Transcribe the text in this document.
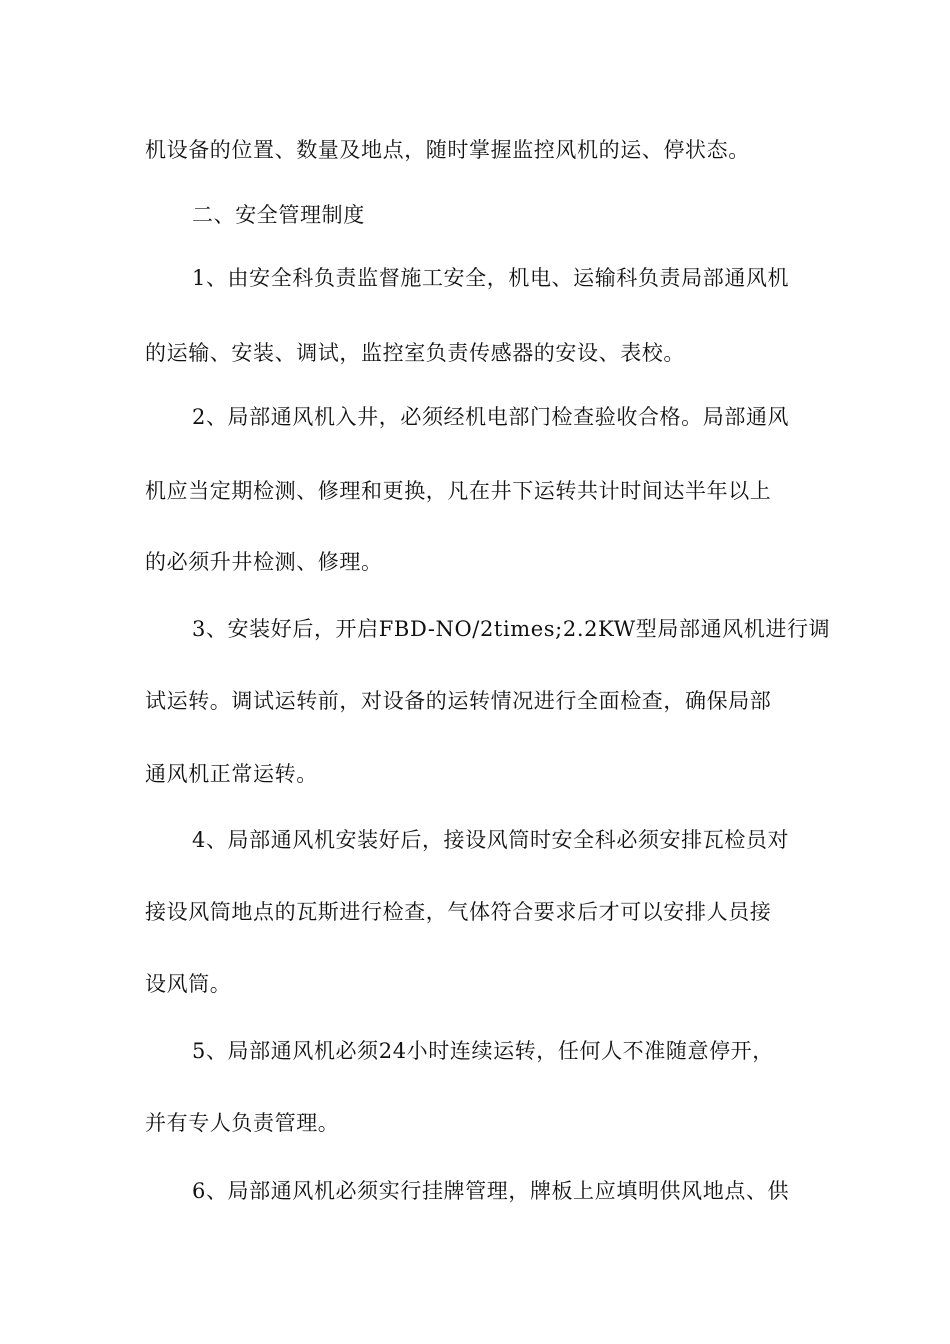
机设备的位置、数量及地点，随时掌握监控风机的运、停状态。
二、安全管理制度
1、由安全科负责监督施工安全，机电、运输科负责局部通风机
的运输、安装、调试，监控室负责传感器的安设、表校。
2、局部通风机入井，必须经机电部门检查验收合格。局部通风
机应当定期检测、修理和更换，凡在井下运转共计时间达半年以上
的必须升井检测、修理。
3、安装好后，开启FBD-NO/2times;2.2KW型局部通风机进行调
试运转。调试运转前，对设备的运转情况进行全面检查，确保局部
通风机正常运转。
4、局部通风机安装好后，接设风筒时安全科必须安排瓦检员对
接设风筒地点的瓦斯进行检查，气体符合要求后才可以安排人员接
设风筒。
5、局部通风机必须24小时连续运转，任何人不准随意停开，
并有专人负责管理。
6、局部通风机必须实行挂牌管理，牌板上应填明供风地点、供
